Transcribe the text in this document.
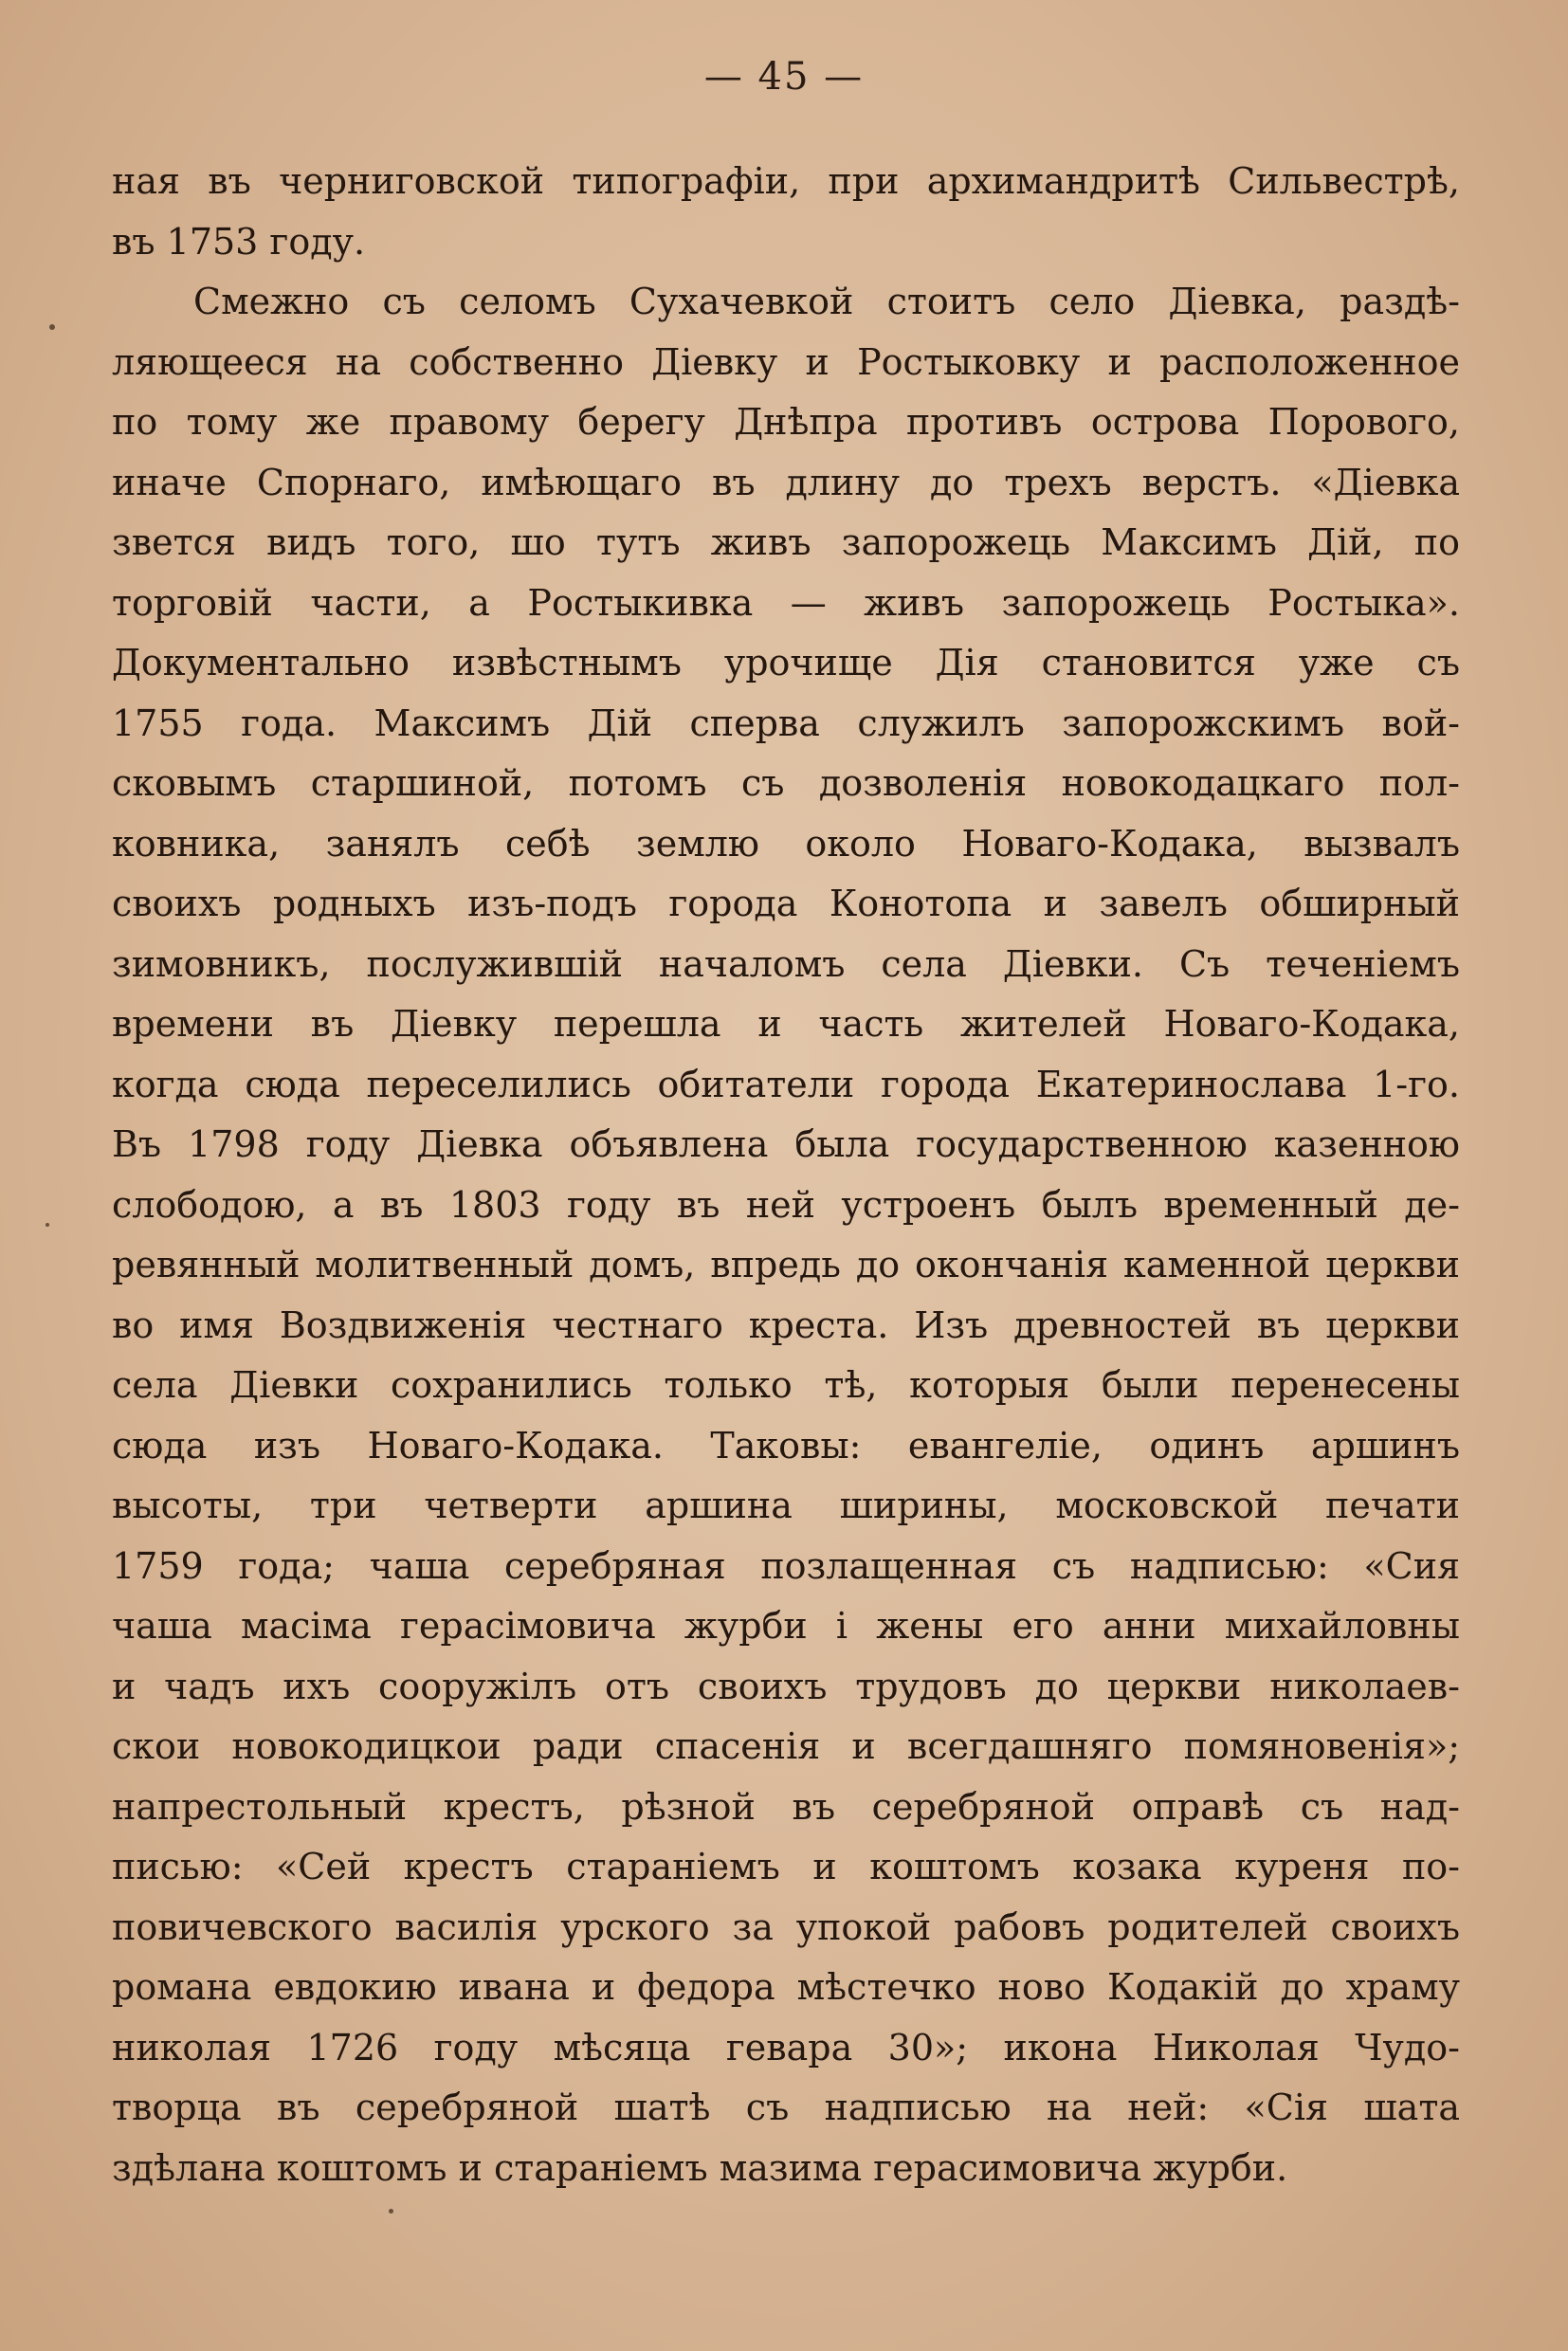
— 45 —
ная въ черниговской типографіи, при архимандритѣ Сильвестрѣ,
въ 1753 году.
Смежно съ селомъ Сухачевкой стоитъ село Діевка, раздѣ-
ляющееся на собственно Діевку и Ростыковку и расположенное
по тому же правому берегу Днѣпра противъ острова Порового,
иначе Спорнаго, имѣющаго въ длину до трехъ верстъ. «Діевка
звется видъ того, шо тутъ живъ запорожець Максимъ Дій, по
торговій части, а Ростыкивка — живъ запорожець Ростыка».
Документально извѣстнымъ урочище Дія становится уже съ
1755 года. Максимъ Дій сперва служилъ запорожскимъ вой-
сковымъ старшиной, потомъ съ дозволенія новокодацкаго пол-
ковника, занялъ себѣ землю около Новаго-Кодака, вызвалъ
своихъ родныхъ изъ-подъ города Конотопа и завелъ обширный
зимовникъ, послужившій началомъ села Діевки. Съ теченіемъ
времени въ Діевку перешла и часть жителей Новаго-Кодака,
когда сюда переселились обитатели города Екатеринослава 1-го.
Въ 1798 году Діевка объявлена была государственною казенною
слободою, а въ 1803 году въ ней устроенъ былъ временный де-
ревянный молитвенный домъ, впредь до окончанія каменной церкви
во имя Воздвиженія честнаго креста. Изъ древностей въ церкви
села Діевки сохранились только тѣ, которыя были перенесены
сюда изъ Новаго-Кодака. Таковы: евангеліе, одинъ аршинъ
высоты, три четверти аршина ширины, московской печати
1759 года; чаша серебряная позлащенная съ надписью: «Сия
чаша масіма герасімовича журби і жены его анни михайловны
и чадъ ихъ сооружілъ отъ своихъ трудовъ до церкви николаев-
скои новокодицкои ради спасенія и всегдашняго помяновенія»;
напрестольный крестъ, рѣзной въ серебряной оправѣ съ над-
писью: «Сей крестъ стараніемъ и коштомъ козака куреня по-
повичевского василія урского за упокой рабовъ родителей своихъ
романа евдокию ивана и федора мѣстечко ново Кодакій до храму
николая 1726 году мѣсяца гевара 30»; икона Николая Чудо-
творца въ серебряной шатѣ съ надписью на ней: «Сія шата
здѣлана коштомъ и стараніемъ мазима герасимовича журби.
